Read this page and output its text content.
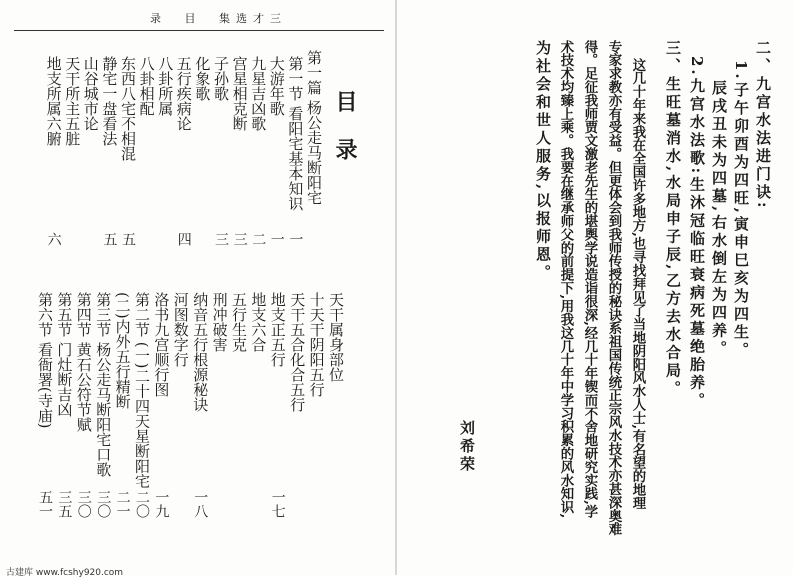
录 目 集选才三
目录
第一篇 杨公走马断阳宅
第一节 看阳宅基本知识
一
大游年歌
一
九星吉凶歌
二
宫星相克断
三
子孙歌
三
化象歌
五行疾病论
四
八卦所属
八卦相配
东西八宅不相混
五
静宅一盘看法
五
山谷城市论
天干所主五脏
地支所属六腑
六
天干属身部位
十天干阴阳五行
天干五合化合五行
地支正五行
一七
地支六合
五行生克
刑冲破害
纳音五行根源秘诀
一八
河图数字行
洛书九宫顺行图
一九
第二节 (一)二十四天星断阳宅
二〇
(二)内外五行精断
二一
第三节 杨公走马断阳宅口歌
三〇
第四节 黄石公符节赋
三〇
第五节 门灶断吉凶
三五
第六节 看衙署(寺庙)
五一
二、九宫水法进门诀:
1.子午卯酉为四旺,寅申巳亥为四生。
辰戌丑未为四墓,右水倒左为四养。
2.九宫水法歌:生沐冠临旺衰病死墓绝胎养。
三、生旺墓消水,水局申子辰,乙方去水合局。
这几十年来我在全国许多地方,也寻找拜见了当地阴阳风水人士,有名望的地理
专家求教亦有受益。但更体会到我师传授的秘诀系祖国传统正宗风水技术亦甚深奥难
得。足征我师贾文激老先生的堪舆学说造诣很深,经几十年锲而不舍地研究实践,学
术技术均臻上乘。我要在继承师父的前提下,用我这几十年中学习积累的风水知识,
为社会和世人服务,以报师恩。
刘希荣
古建库 www.fcshy920.com
